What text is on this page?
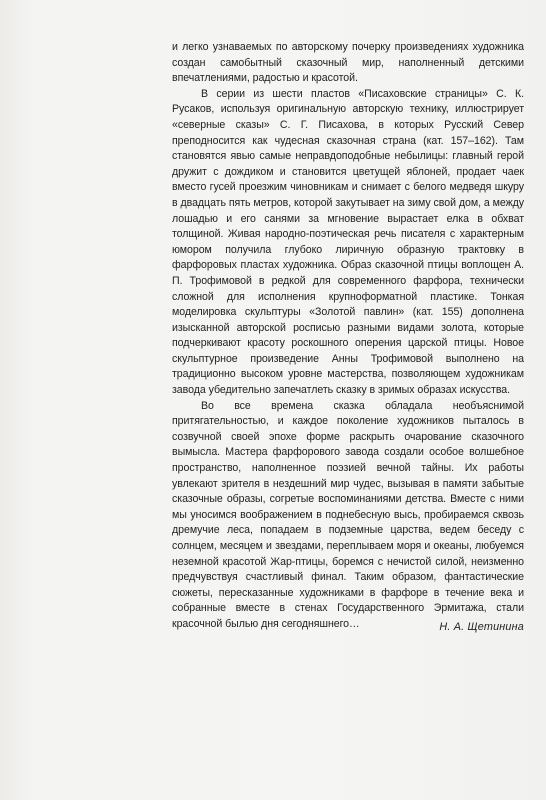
и легко узнаваемых по авторскому почерку произведениях художника создан самобытный сказочный мир, наполненный детскими впечатлениями, радостью и красотой.

В серии из шести пластов «Писаховские страницы» С. К. Русаков, используя оригинальную авторскую технику, иллюстрирует «северные сказы» С. Г. Писахова, в которых Русский Север преподносится как чудесная сказочная страна (кат. 157–162). Там становятся явью самые неправдоподобные небылицы: главный герой дружит с дождиком и становится цветущей яблоней, продает чаек вместо гусей проезжим чиновникам и снимает с белого медведя шкуру в двадцать пять метров, которой закутывает на зиму свой дом, а между лошадью и его санями за мгновение вырастает елка в обхват толщиной. Живая народно-поэтическая речь писателя с характерным юмором получила глубоко лиричную образную трактовку в фарфоровых пластах художника. Образ сказочной птицы воплощен А. П. Трофимовой в редкой для современного фарфора, технически сложной для исполнения крупноформатной пластике. Тонкая моделировка скульптуры «Золотой павлин» (кат. 155) дополнена изысканной авторской росписью разными видами золота, которые подчеркивают красоту роскошного оперения царской птицы. Новое скульптурное произведение Анны Трофимовой выполнено на традиционно высоком уровне мастерства, позволяющем художникам завода убедительно запечатлеть сказку в зримых образах искусства.

Во все времена сказка обладала необъяснимой притягательностью, и каждое поколение художников пыталось в созвучной своей эпохе форме раскрыть очарование сказочного вымысла. Мастера фарфорового завода создали особое волшебное пространство, наполненное поэзией вечной тайны. Их работы увлекают зрителя в нездешний мир чудес, вызывая в памяти забытые сказочные образы, согретые воспоминаниями детства. Вместе с ними мы уносимся воображением в поднебесную высь, пробираемся сквозь дремучие леса, попадаем в подземные царства, ведем беседу с солнцем, месяцем и звездами, переплываем моря и океаны, любуемся неземной красотой Жар-птицы, боремся с нечистой силой, неизменно предчувствуя счастливый финал. Таким образом, фантастические сюжеты, пересказанные художниками в фарфоре в течение века и собранные вместе в стенах Государственного Эрмитажа, стали красочной былью дня сегодняшнего…	Н. А. Щетинина
